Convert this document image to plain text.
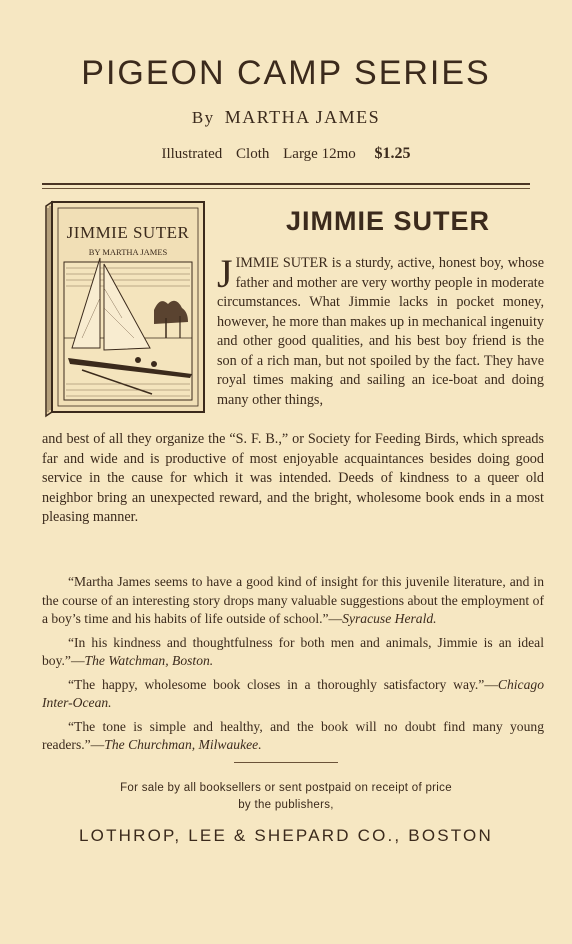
PIGEON CAMP SERIES
By MARTHA JAMES
Illustrated Cloth Large 12mo $1.25
JIMMIE SUTER
BY MARTHA JAMES
JIMMIE SUTER
JIMMIE SUTER is a sturdy, active, honest boy, whose father and mother are very worthy people in moderate circumstances. What Jimmie lacks in pocket money, however, he more than makes up in mechanical ingenuity and other good qualities, and his best boy friend is the son of a rich man, but not spoiled by the fact. They have royal times making and sailing an ice-boat and doing many other things,
and best of all they organize the “S. F. B.,” or Society for Feeding Birds, which spreads far and wide and is productive of most enjoyable acquaintances besides doing good service in the cause for which it was intended. Deeds of kindness to a queer old neighbor bring an unexpected reward, and the bright, wholesome book ends in a most pleasing manner.
“Martha James seems to have a good kind of insight for this juvenile literature, and in the course of an interesting story drops many valuable suggestions about the employment of a boy’s time and his habits of life outside of school.”—Syracuse Herald.
“In his kindness and thoughtfulness for both men and animals, Jimmie is an ideal boy.”—The Watchman, Boston.
“The happy, wholesome book closes in a thoroughly satisfactory way.”—Chicago Inter-Ocean.
“The tone is simple and healthy, and the book will no doubt find many young readers.”—The Churchman, Milwaukee.
For sale by all booksellers or sent postpaid on receipt of price
by the publishers,
LOTHROP, LEE & SHEPARD CO., BOSTON
